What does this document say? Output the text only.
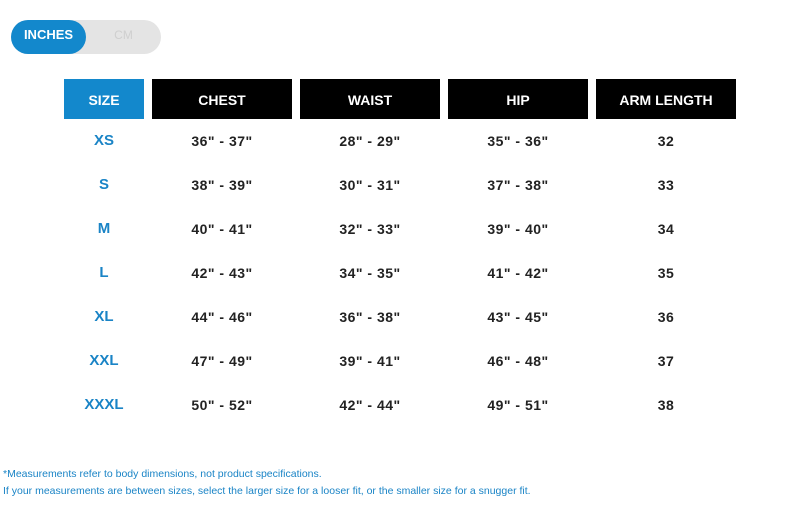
INCHES	CM
SIZE	CHEST	WAIST	HIP	ARM LENGTH
XS	36" - 37"	28" - 29"	35" - 36"	32
S	38" - 39"	30" - 31"	37" - 38"	33
M	40" - 41"	32" - 33"	39" - 40"	34
L	42" - 43"	34" - 35"	41" - 42"	35
XL	44" - 46"	36" - 38"	43" - 45"	36
XXL	47" - 49"	39" - 41"	46" - 48"	37
XXXL	50" - 52"	42" - 44"	49" - 51"	38
*Measurements refer to body dimensions, not product specifications.
If your measurements are between sizes, select the larger size for a looser fit, or the smaller size for a snugger fit.
